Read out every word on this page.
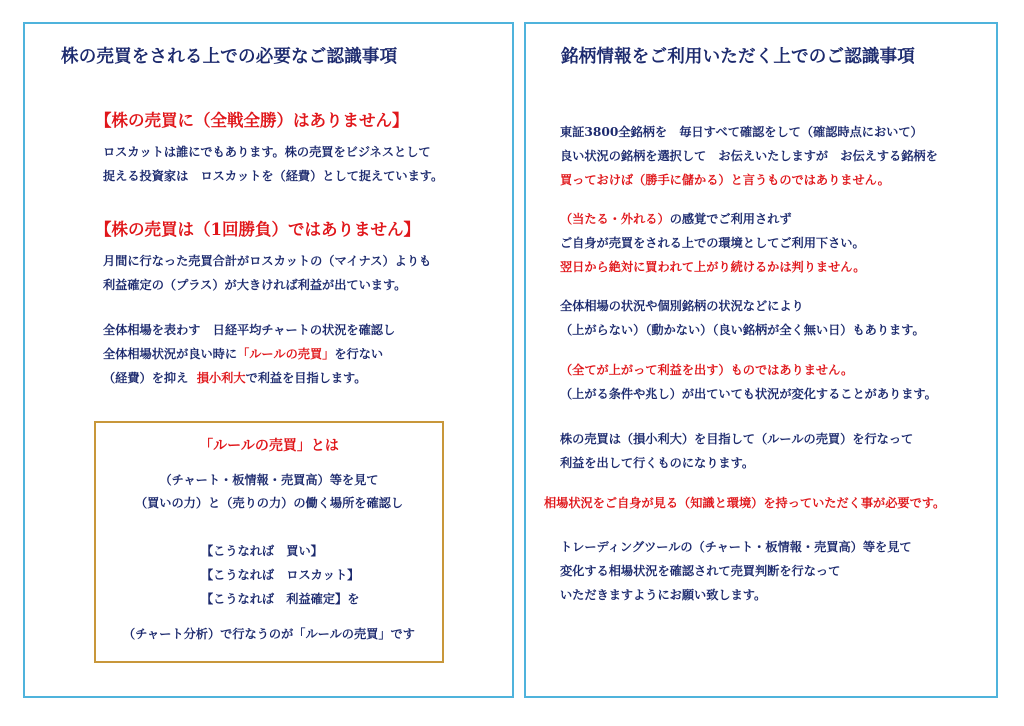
株の売買をされる上での必要なご認識事項
【株の売買に（全戦全勝）はありません】
ロスカットは誰にでもあります。株の売買をビジネスとして
捉える投資家は　ロスカットを（経費）として捉えています。
【株の売買は（1回勝負）ではありません】
月間に行なった売買合計がロスカットの（マイナス）よりも
利益確定の（プラス）が大きければ利益が出ています。
全体相場を表わす　日経平均チャートの状況を確認し
全体相場状況が良い時に「ルールの売買」を行ない
（経費）を抑え 損小利大で利益を目指します。
「ルールの売買」とは
（チャート・板情報・売買高）等を見て
（買いの力）と（売りの力）の働く場所を確認し
【こうなれば　買い】
【こうなれば　ロスカット】
【こうなれば　利益確定】を
（チャート分析）で行なうのが「ルールの売買」です
銘柄情報をご利用いただく上でのご認識事項
東証3800全銘柄を　毎日すべて確認をして（確認時点において）
良い状況の銘柄を選択して　お伝えいたしますが　お伝えする銘柄を
買っておけば（勝手に儲かる）と言うものではありません。
（当たる・外れる）の感覚でご利用されず
ご自身が売買をされる上での環境としてご利用下さい。
翌日から絶対に買われて上がり続けるかは判りません。
全体相場の状況や個別銘柄の状況などにより
（上がらない）（動かない）（良い銘柄が全く無い日）もあります。
（全てが上がって利益を出す）ものではありません。
（上がる条件や兆し）が出ていても状況が変化することがあります。
株の売買は（損小利大）を目指して（ルールの売買）を行なって
利益を出して行くものになります。
相場状況をご自身が見る（知識と環境）を持っていただく事が必要です。
トレーディングツールの（チャート・板情報・売買高）等を見て
変化する相場状況を確認されて売買判断を行なって
いただきますようにお願い致します。
